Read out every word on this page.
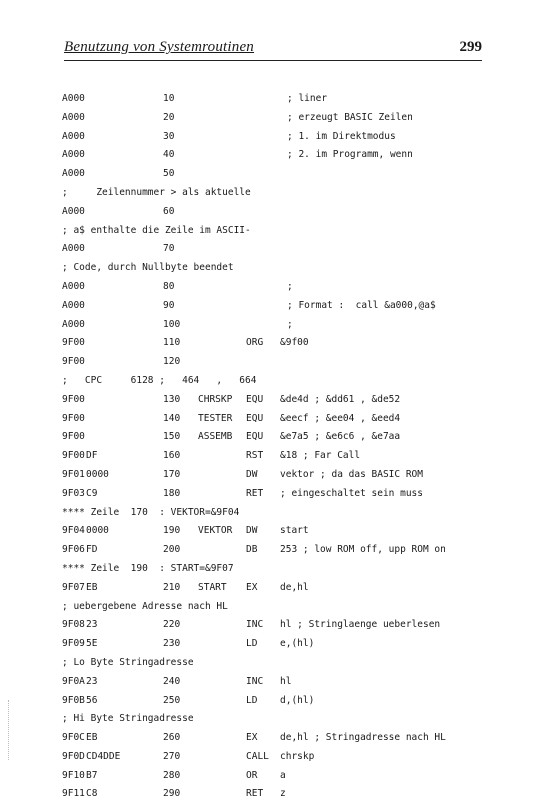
Benutzung von Systemroutinen	299
A000	10	; liner
A000	20	; erzeugt BASIC Zeilen
A000	30	; 1. im Direktmodus
A000	40	; 2. im Programm, wenn
A000	50
;     Zeilennummer > als aktuelle
A000	60
; a$ enthalte die Zeile im ASCII-
A000	70
; Code, durch Nullbyte beendet
A000	80	;
A000	90	; Format :  call &a000,@a$
A000	100	;
9F00	110	ORG &9f00
9F00	120
;   CPC     6128 ;   464   ,   664
9F00	130 CHRSKP EQU &de4d ; &dd61 , &de52
9F00	140 TESTER EQU &eecf ; &ee04 , &eed4
9F00	150 ASSEMB EQU &e7a5 ; &e6c6 , &e7aa
9F00 DF	160	RST &18 ; Far Call
9F01 0000	170	DW vektor ; da das BASIC ROM
9F03 C9	180	RET ; eingeschaltet sein muss
**** Zeile  170  : VEKTOR=&9F04
9F04 0000	190 VEKTOR DW start
9F06 FD	200	DB 253 ; low ROM off, upp ROM on
**** Zeile  190  : START=&9F07
9F07 EB	210 START EX de,hl
; uebergebene Adresse nach HL
9F08 23	220	INC hl ; Stringlaenge ueberlesen
9F09 5E	230	LD e,(hl)
; Lo Byte Stringadresse
9F0A 23	240	INC hl
9F0B 56	250	LD d,(hl)
; Hi Byte Stringadresse
9F0C EB	260	EX de,hl ; Stringadresse nach HL
9F0D CD4DDE	270	CALL chrskp
9F10 B7	280	OR a
9F11 C8	290	RET z
